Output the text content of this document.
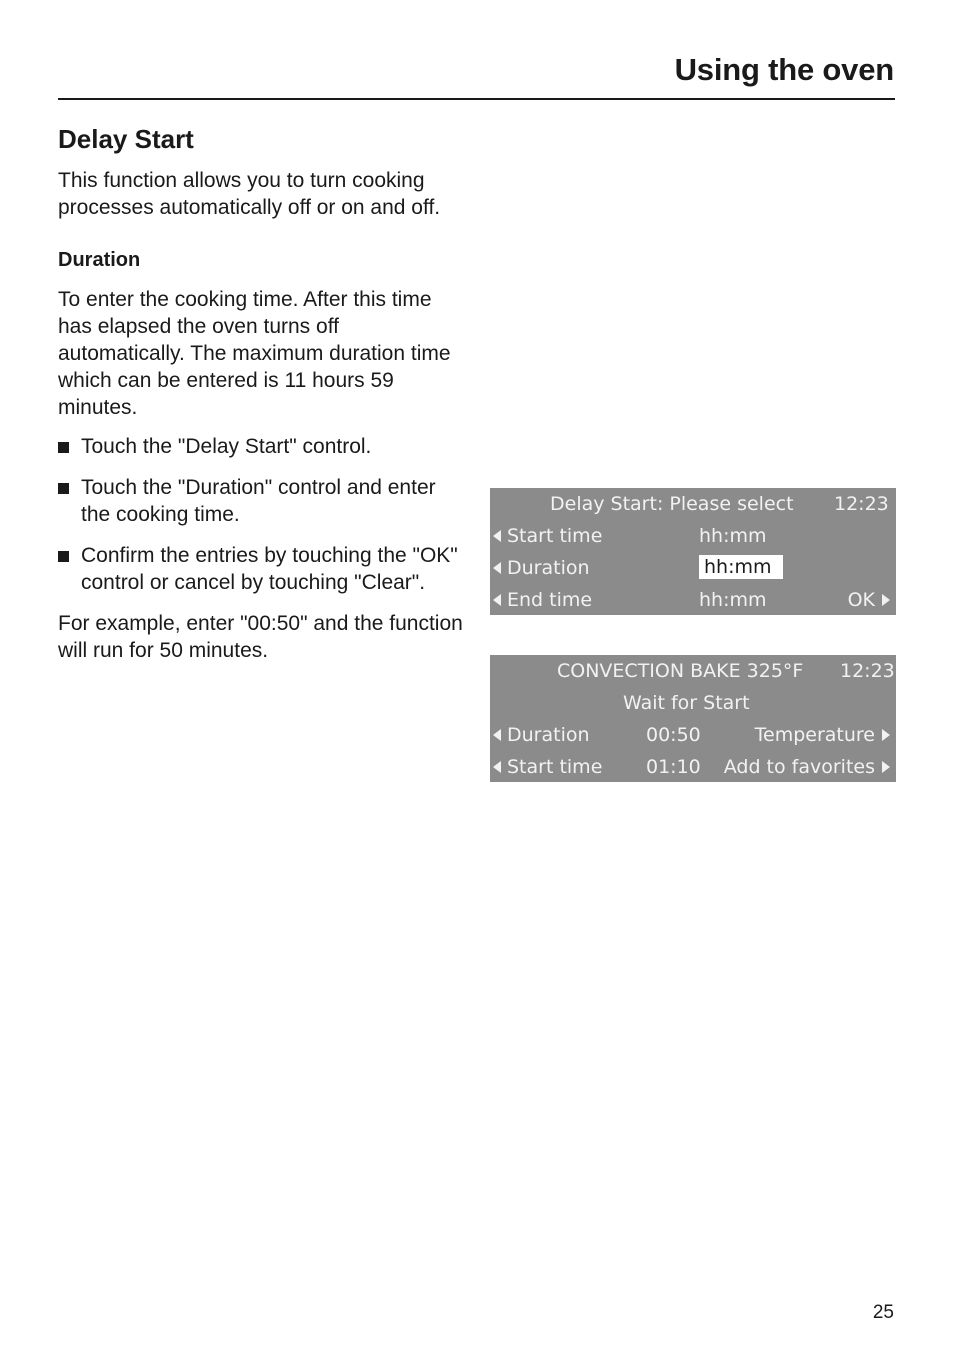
Using the oven
Delay Start

This function allows you to turn cooking processes automatically off or on and off.

Duration

To enter the cooking time. After this time has elapsed the oven turns off automatically. The maximum duration time which can be entered is 11 hours 59 minutes.

Touch the "Delay Start" control.
Touch the "Duration" control and enter the cooking time.
Confirm the entries by touching the "OK" control or cancel by touching "Clear".

For example, enter "00:50" and the function will run for 50 minutes.

Delay Start: Please select 12:23
Start time	hh:mm
Duration	hh:mm
End time	hh:mm	OK
CONVECTION BAKE 325°F 12:23
Wait for Start
Duration	00:50	Temperature
Start time 01:10 Add to favorites
25
